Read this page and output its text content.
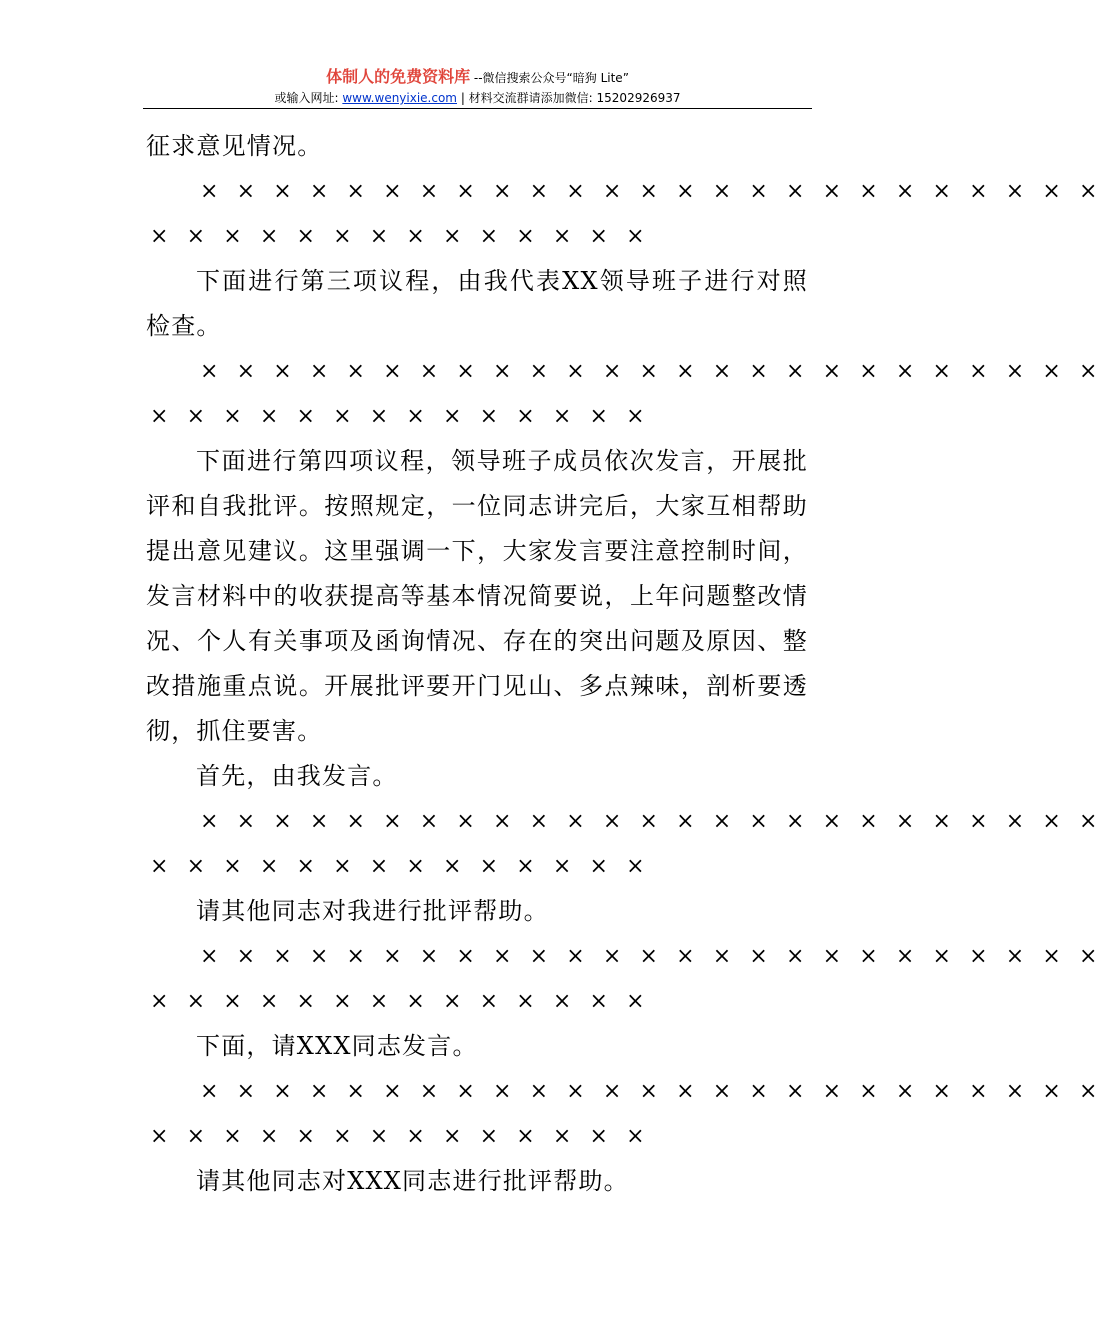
体制人的免费资料库 --微信搜索公众号“暗狗 Lite”
或输入网址: www.wenyixie.com | 材料交流群请添加微信: 15202926937

征求意见情况。

× × × × × × × × × × × × × × × × × × × × × × × × ×

× × × × × × × × × × × × × ×

下面进行第三项议程，由我代表XX领导班子进行对照检查。

× × × × × × × × × × × × × × × × × × × × × × × × ×

× × × × × × × × × × × × × ×

下面进行第四项议程，领导班子成员依次发言，开展批评和自我批评。按照规定，一位同志讲完后，大家互相帮助提出意见建议。这里强调一下，大家发言要注意控制时间，发言材料中的收获提高等基本情况简要说，上年问题整改情况、个人有关事项及函询情况、存在的突出问题及原因、整改措施重点说。开展批评要开门见山、多点辣味，剖析要透彻，抓住要害。

首先，由我发言。

× × × × × × × × × × × × × × × × × × × × × × × × ×

× × × × × × × × × × × × × ×

请其他同志对我进行批评帮助。

× × × × × × × × × × × × × × × × × × × × × × × × ×

× × × × × × × × × × × × × ×

下面，请XXX同志发言。

× × × × × × × × × × × × × × × × × × × × × × × × ×

× × × × × × × × × × × × × ×

请其他同志对XXX同志进行批评帮助。
